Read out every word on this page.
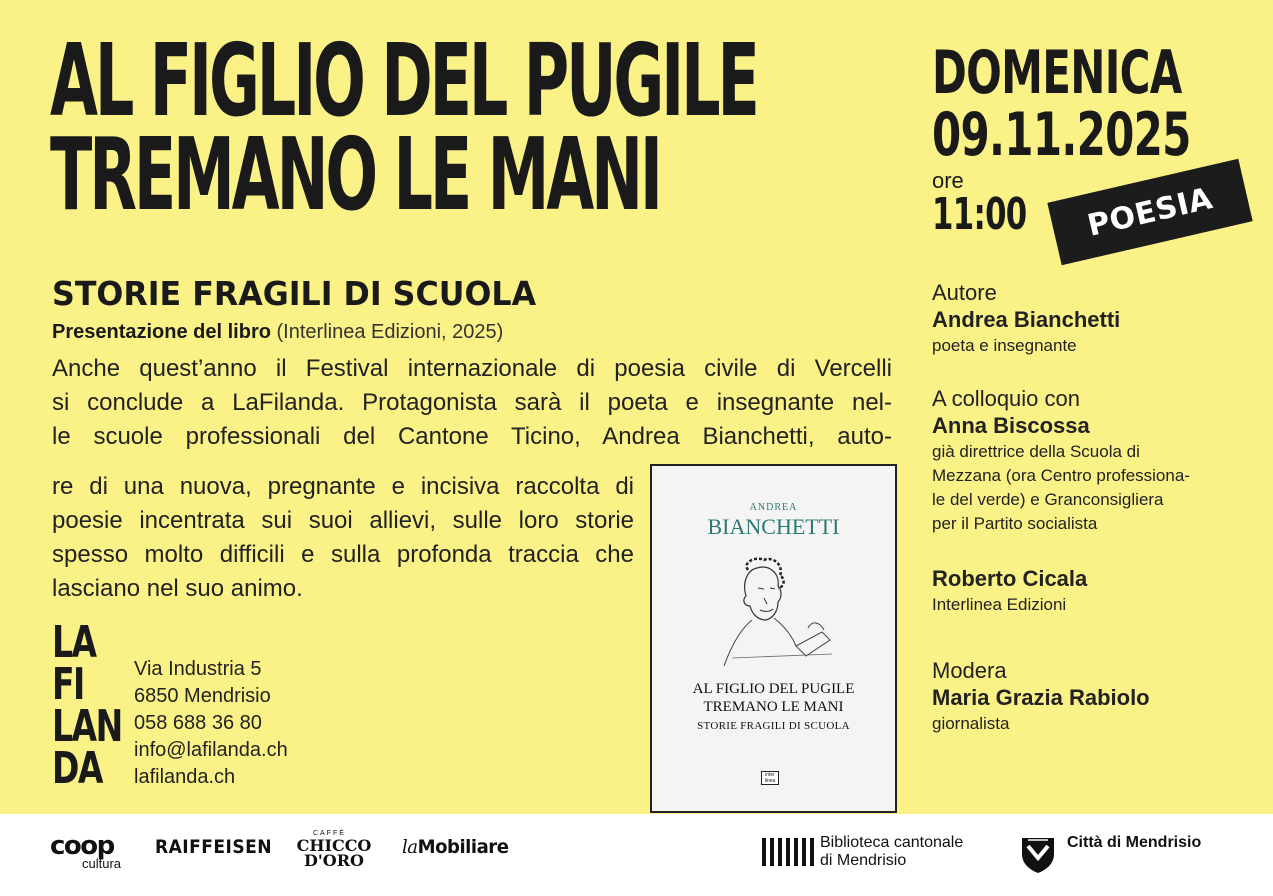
AL FIGLIO DEL PUGILE
TREMANO LE MANI
STORIE FRAGILI DI SCUOLA
Presentazione del libro (Interlinea Edizioni, 2025)
Anche quest’anno il Festival internazionale di poesia civile di Vercelli
si conclude a LaFilanda. Protagonista sarà il poeta e insegnante nel-
le scuole professionali del Cantone Ticino, Andrea Bianchetti, auto-
re di una nuova, pregnante e incisiva raccolta di
poesie incentrata sui suoi allievi, sulle loro storie
spesso molto difficili e sulla profonda traccia che
lasciano nel suo animo.
LA
FI
LAN
DA
Via Industria 5
6850 Mendrisio
058 688 36 80
info@lafilanda.ch
lafilanda.ch
ANDREA
BIANCHETTI
AL FIGLIO DEL PUGILE
TREMANO LE MANI
STORIE FRAGILI DI SCUOLA
inter linea
DOMENICA
09.11.2025
ore
11:00	POESIA
Autore
Andrea Bianchetti
poeta e insegnante
A colloquio con
Anna Biscossa
già direttrice della Scuola di
Mezzana (ora Centro professiona-
le del verde) e Granconsigliera
per il Partito socialista
Roberto Cicala
Interlinea Edizioni
Modera
Maria Grazia Rabiolo
giornalista
coop
cultura
RAIFFEISEN
CAFFÈ
CHICCO
D'ORO
laMobiliare	Biblioteca cantonale
di Mendrisio
Città di Mendrisio
